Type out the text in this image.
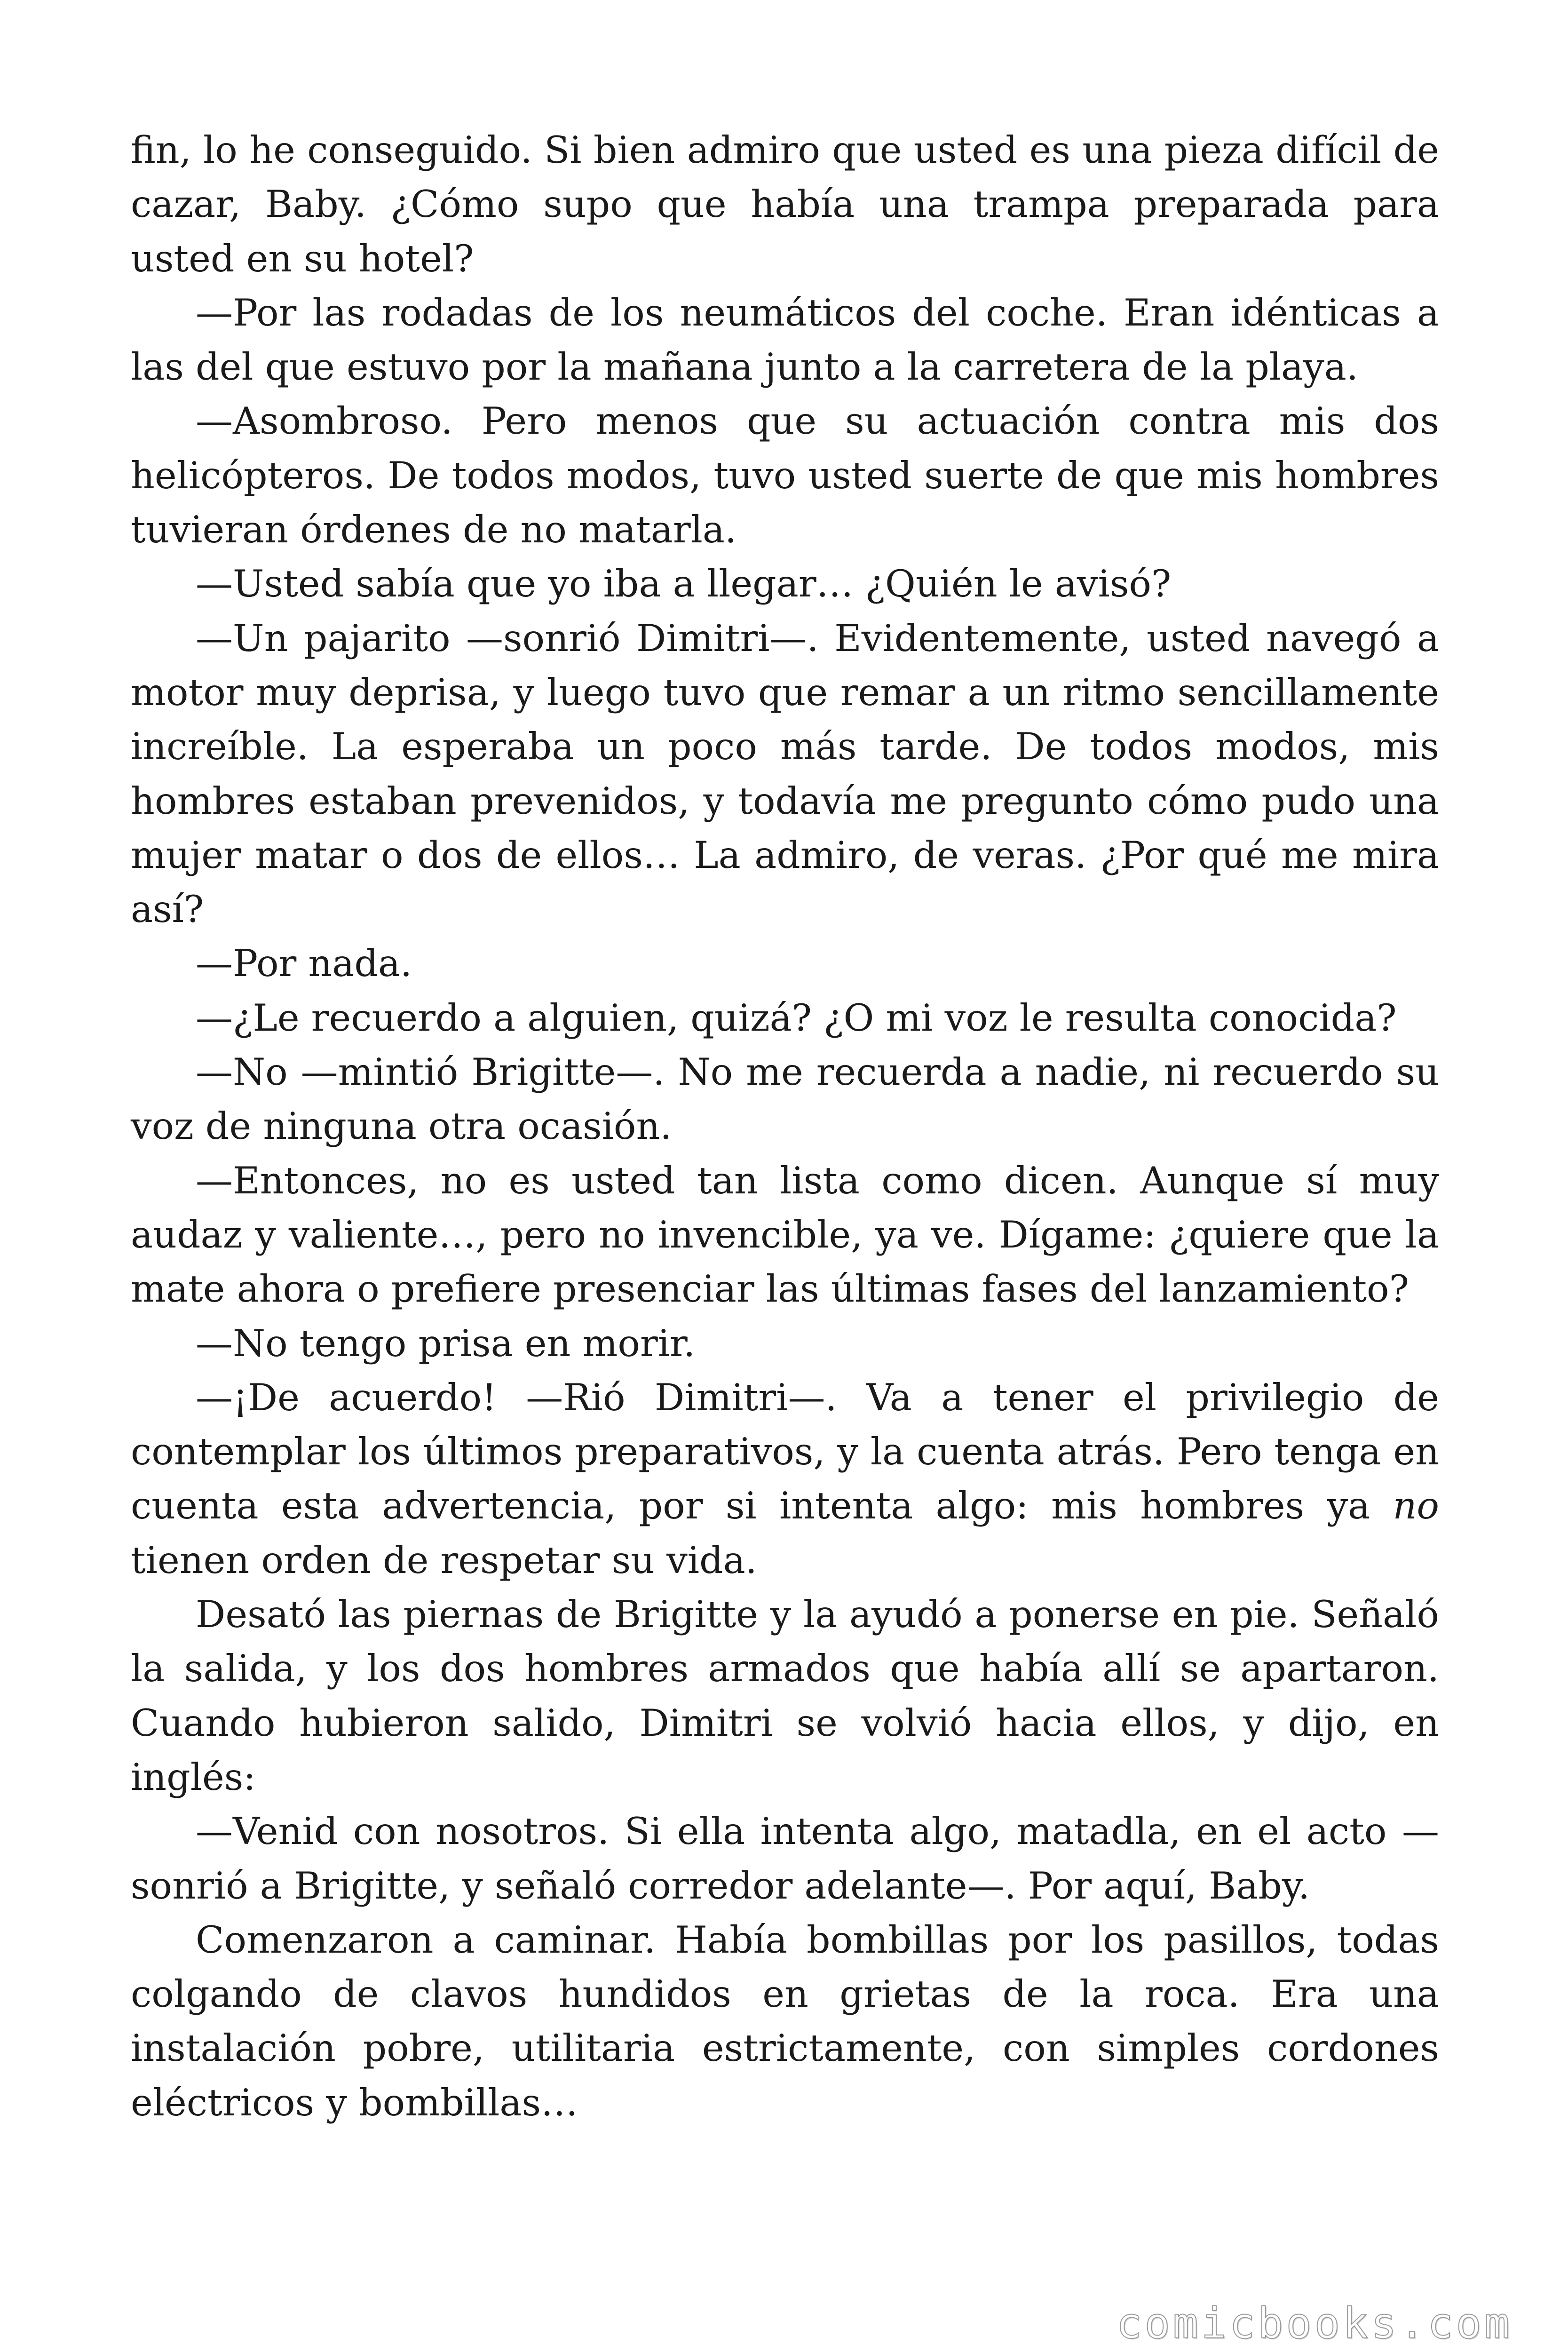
fin, lo he conseguido. Si bien admiro que usted es una pieza difícil de cazar, Baby. ¿Cómo supo que había una trampa preparada para usted en su hotel?

—Por las rodadas de los neumáticos del coche. Eran idénticas a las del que estuvo por la mañana junto a la carretera de la playa.

—Asombroso. Pero menos que su actuación contra mis dos helicópteros. De todos modos, tuvo usted suerte de que mis hombres tuvieran órdenes de no matarla.

—Usted sabía que yo iba a llegar… ¿Quién le avisó?

—Un pajarito —sonrió Dimitri—. Evidentemente, usted navegó a motor muy deprisa, y luego tuvo que remar a un ritmo sencillamente increíble. La esperaba un poco más tarde. De todos modos, mis hombres estaban prevenidos, y todavía me pregunto cómo pudo una mujer matar o dos de ellos… La admiro, de veras. ¿Por qué me mira así?

—Por nada.

—¿Le recuerdo a alguien, quizá? ¿O mi voz le resulta conocida?

—No —mintió Brigitte—. No me recuerda a nadie, ni recuerdo su voz de ninguna otra ocasión.

—Entonces, no es usted tan lista como dicen. Aunque sí muy audaz y valiente…, pero no invencible, ya ve. Dígame: ¿quiere que la mate ahora o prefiere presenciar las últimas fases del lanzamiento?

—No tengo prisa en morir.

—¡De acuerdo! —Rió Dimitri—. Va a tener el privilegio de contemplar los últimos preparativos, y la cuenta atrás. Pero tenga en cuenta esta advertencia, por si intenta algo: mis hombres ya no tienen orden de respetar su vida.

Desató las piernas de Brigitte y la ayudó a ponerse en pie. Señaló la salida, y los dos hombres armados que había allí se apartaron. Cuando hubieron salido, Dimitri se volvió hacia ellos, y dijo, en inglés:

—Venid con nosotros. Si ella intenta algo, matadla, en el acto —sonrió a Brigitte, y señaló corredor adelante—. Por aquí, Baby.

Comenzaron a caminar. Había bombillas por los pasillos, todas colgando de clavos hundidos en grietas de la roca. Era una instalación pobre, utilitaria estrictamente, con simples cordones eléctricos y bombillas…

comicbooks.com
